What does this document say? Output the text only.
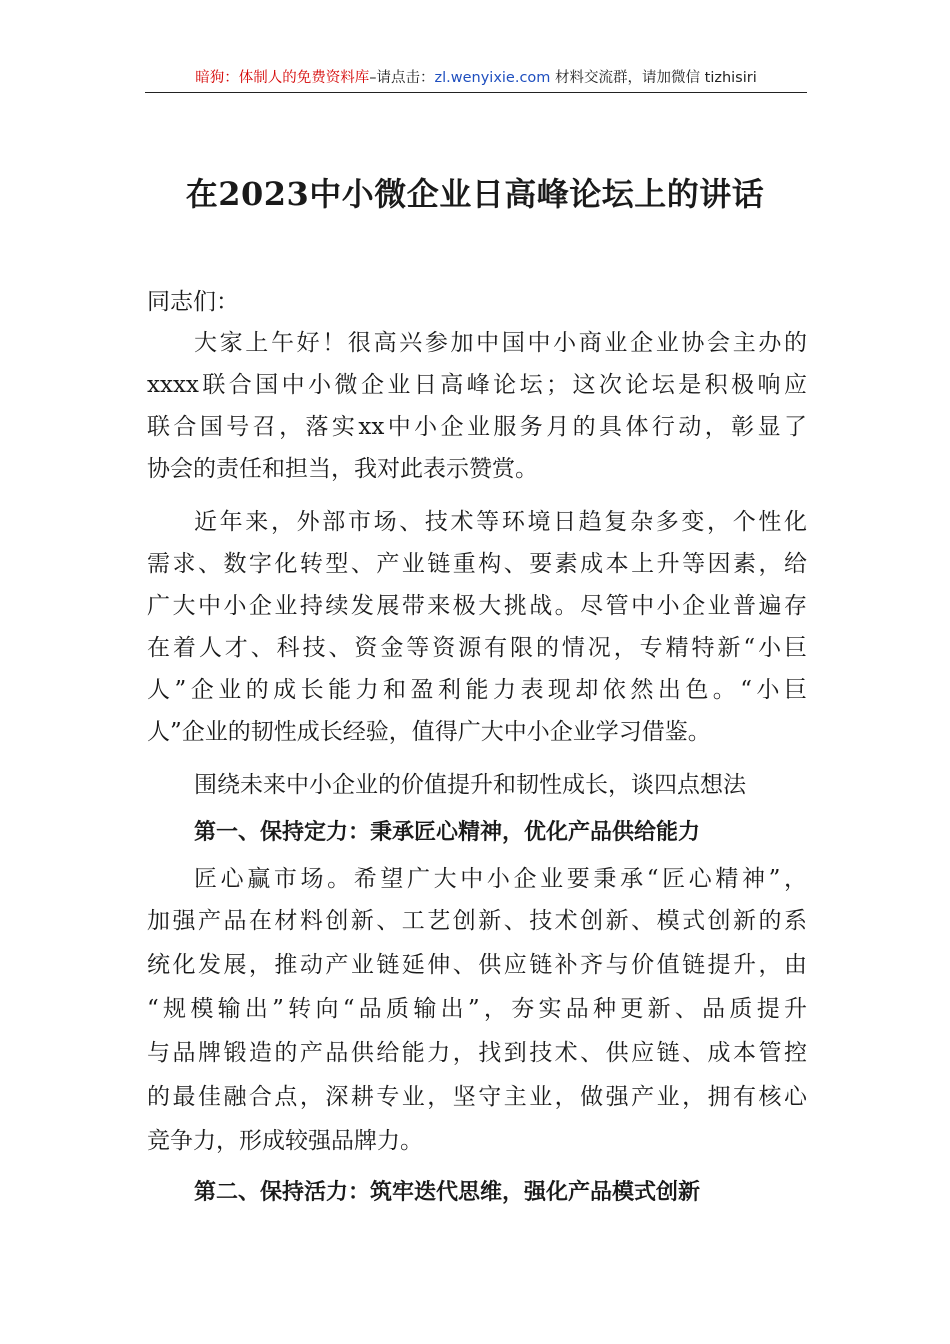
暗狗：体制人的免费资料库–请点击：zl.wenyixie.com 材料交流群，请加微信 tizhisiri
在2023中小微企业日高峰论坛上的讲话
同志们：
大家上午好！很高兴参加中国中小商业企业协会主办的
xxxx联合国中小微企业日高峰论坛；这次论坛是积极响应
联合国号召，落实xx中小企业服务月的具体行动，彰显了
协会的责任和担当，我对此表示赞赏。
近年来，外部市场、技术等环境日趋复杂多变，个性化
需求、数字化转型、产业链重构、要素成本上升等因素，给
广大中小企业持续发展带来极大挑战。尽管中小企业普遍存
在着人才、科技、资金等资源有限的情况，专精特新“小巨
人”企业的成长能力和盈利能力表现却依然出色。“小巨
人”企业的韧性成长经验，值得广大中小企业学习借鉴。
围绕未来中小企业的价值提升和韧性成长，谈四点想法
第一、保持定力：秉承匠心精神，优化产品供给能力
匠心赢市场。希望广大中小企业要秉承“匠心精神”，
加强产品在材料创新、工艺创新、技术创新、模式创新的系
统化发展，推动产业链延伸、供应链补齐与价值链提升，由
“规模输出”转向“品质输出”，夯实品种更新、品质提升
与品牌锻造的产品供给能力，找到技术、供应链、成本管控
的最佳融合点，深耕专业，坚守主业，做强产业，拥有核心
竞争力，形成较强品牌力。
第二、保持活力：筑牢迭代思维，强化产品模式创新
